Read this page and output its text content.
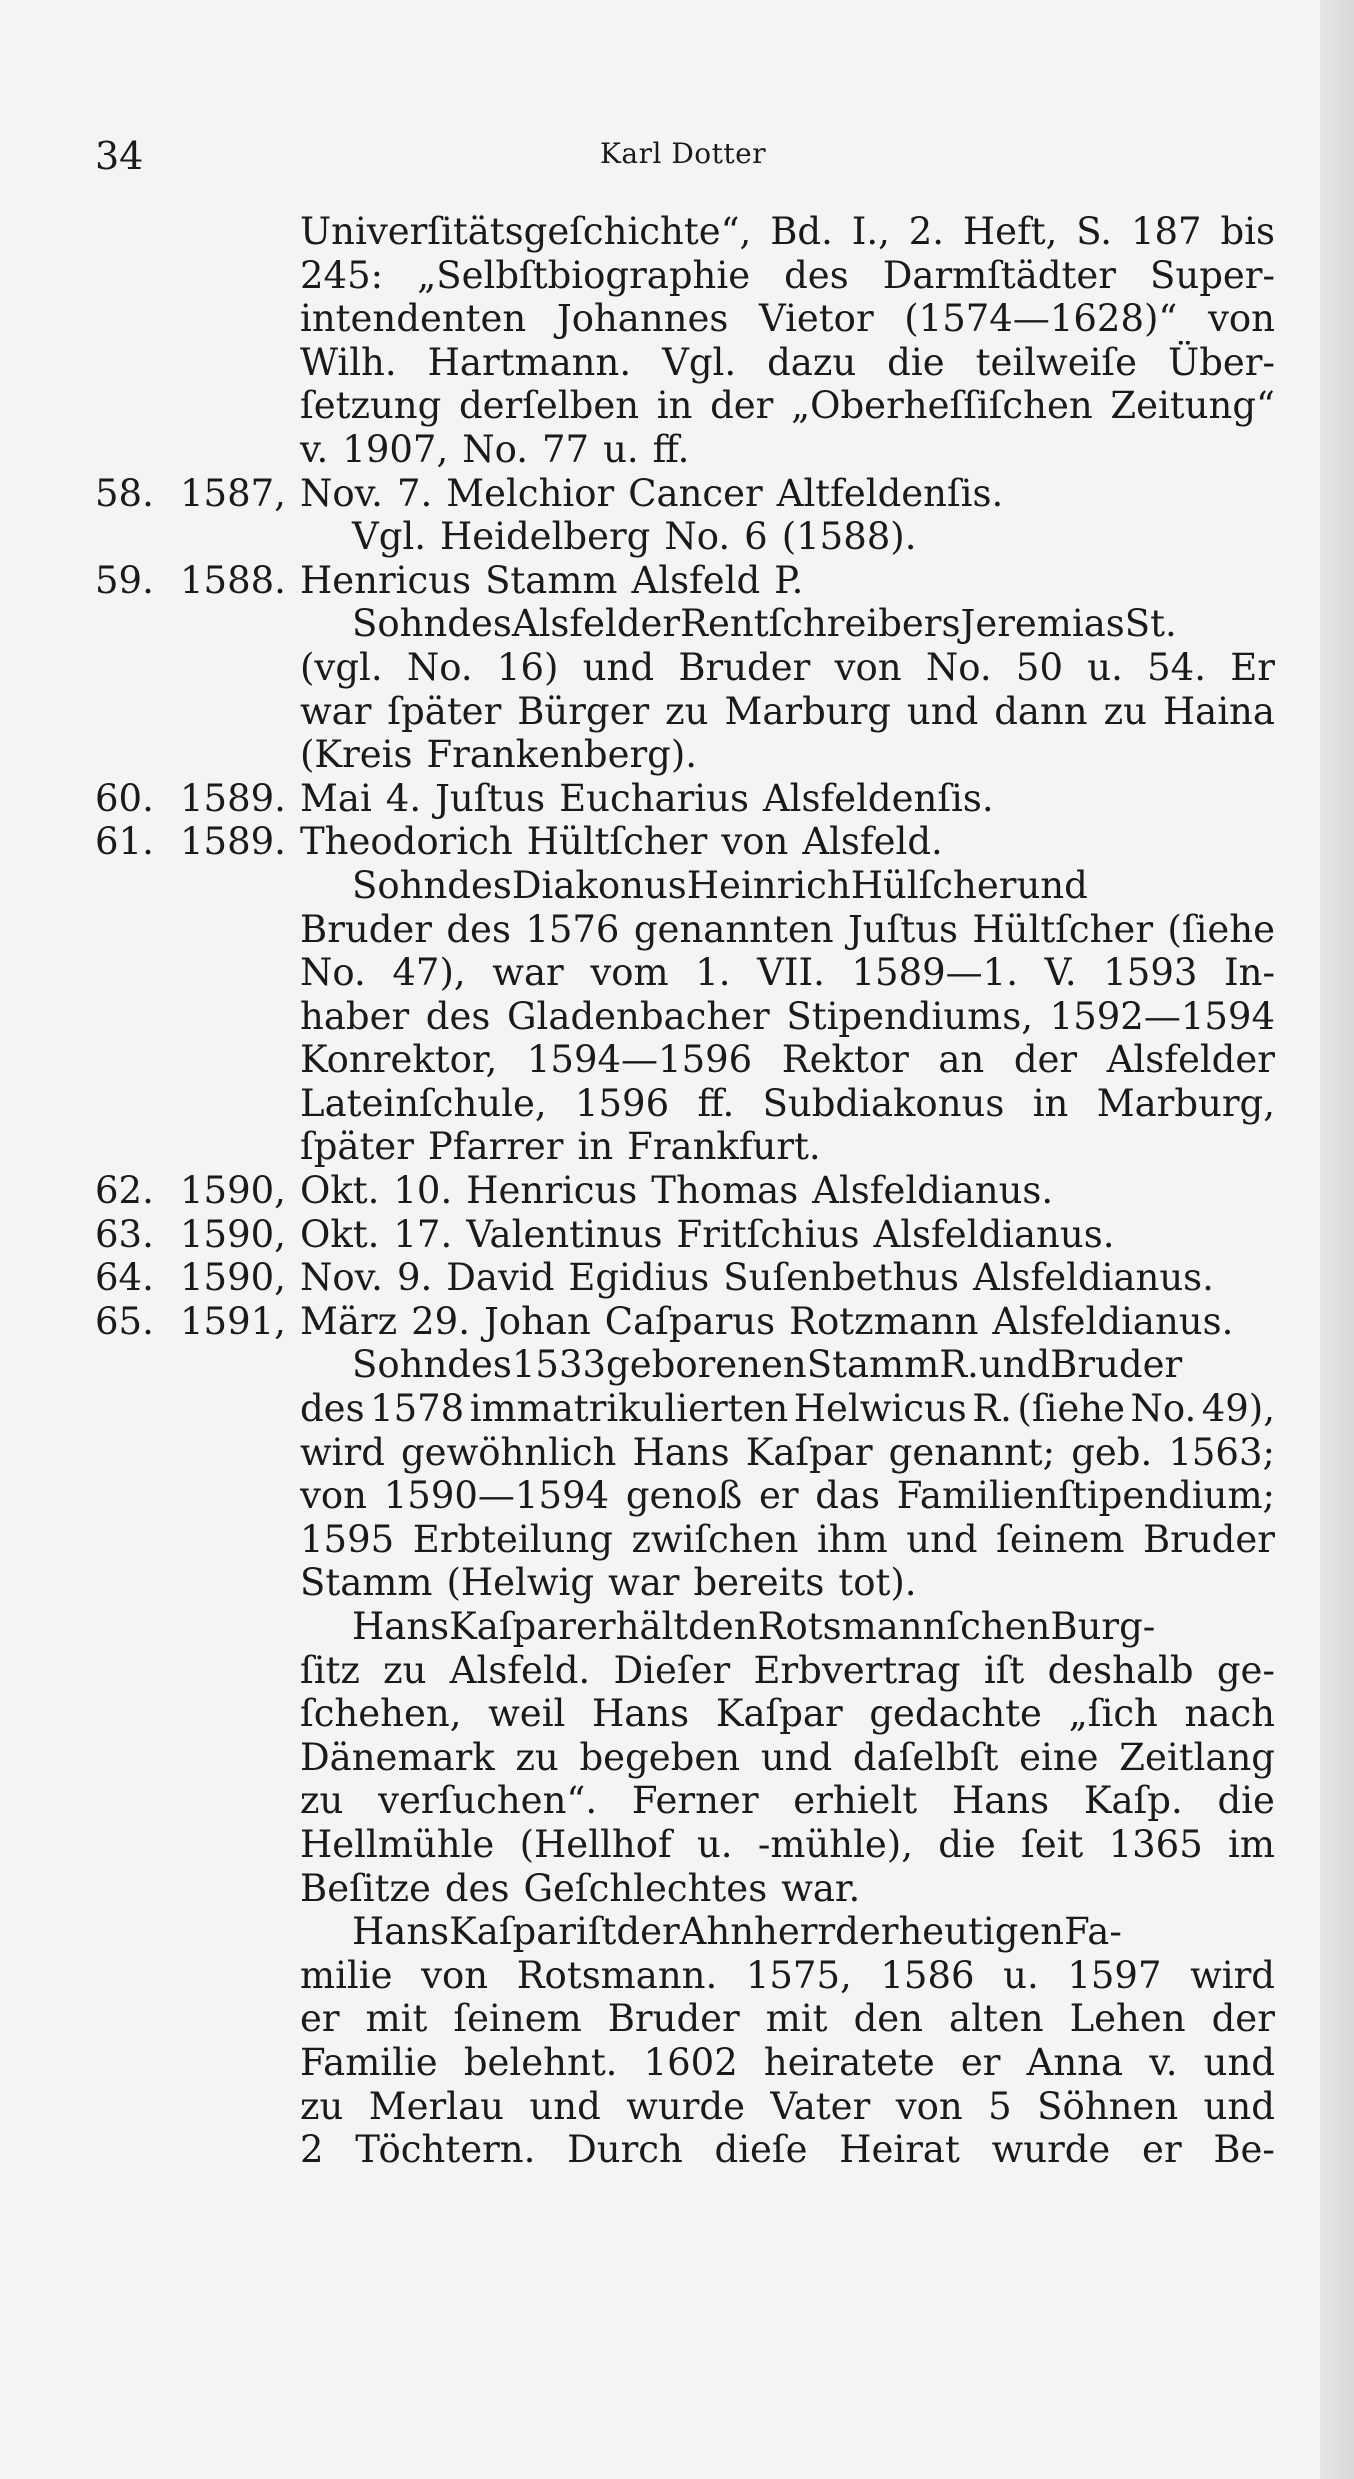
34	Karl Dotter
Univerſitätsgeſchichte“, Bd. I., 2. Heft, S. 187 bis
245: „Selbſtbiographie des Darmſtädter Super-
intendenten Johannes Vietor (1574—1628)“ von
Wilh. Hartmann. Vgl. dazu die teilweiſe Über-
ſetzung derſelben in der „Oberheſſiſchen Zeitung“
v. 1907, No. 77 u. ff.
58. 1587, Nov. 7. Melchior Cancer Altfeldenſis.
Vgl. Heidelberg No. 6 (1588).
59. 1588. Henricus Stamm Alsfeld P.
Sohn des Alsfelder Rentſchreibers Jeremias St.
(vgl. No. 16) und Bruder von No. 50 u. 54. Er
war ſpäter Bürger zu Marburg und dann zu Haina
(Kreis Frankenberg).
60. 1589. Mai 4. Juſtus Eucharius Alsfeldenſis.
61. 1589. Theodorich Hültſcher von Alsfeld.
Sohn des Diakonus Heinrich Hülſcher und
Bruder des 1576 genannten Juſtus Hültſcher (ſiehe
No. 47), war vom 1. VII. 1589—1. V. 1593 In-
haber des Gladenbacher Stipendiums, 1592—1594
Konrektor, 1594—1596 Rektor an der Alsfelder
Lateinſchule, 1596 ff. Subdiakonus in Marburg,
ſpäter Pfarrer in Frankfurt.
62. 1590, Okt. 10. Henricus Thomas Alsfeldianus.
63. 1590, Okt. 17. Valentinus Fritſchius Alsfeldianus.
64. 1590, Nov. 9. David Egidius Suſenbethus Alsfeldianus.
65. 1591, März 29. Johan Caſparus Rotzmann Alsfeldianus.
Sohn des 1533 geborenen Stamm R. und Bruder
des 1578 immatrikulierten Helwicus R. (ſiehe No. 49),
wird gewöhnlich Hans Kaſpar genannt; geb. 1563;
von 1590—1594 genoß er das Familienſtipendium;
1595 Erbteilung zwiſchen ihm und ſeinem Bruder
Stamm (Helwig war bereits tot).
Hans Kaſpar erhält den Rotsmannſchen Burg-
ſitz zu Alsfeld. Dieſer Erbvertrag iſt deshalb ge-
ſchehen, weil Hans Kaſpar gedachte „ſich nach
Dänemark zu begeben und daſelbſt eine Zeitlang
zu verſuchen“. Ferner erhielt Hans Kaſp. die
Hellmühle (Hellhof u. -mühle), die ſeit 1365 im
Beſitze des Geſchlechtes war.
Hans Kaſpar iſt der Ahnherr der heutigen Fa-
milie von Rotsmann. 1575, 1586 u. 1597 wird
er mit ſeinem Bruder mit den alten Lehen der
Familie belehnt. 1602 heiratete er Anna v. und
zu Merlau und wurde Vater von 5 Söhnen und
2 Töchtern. Durch dieſe Heirat wurde er Be-
